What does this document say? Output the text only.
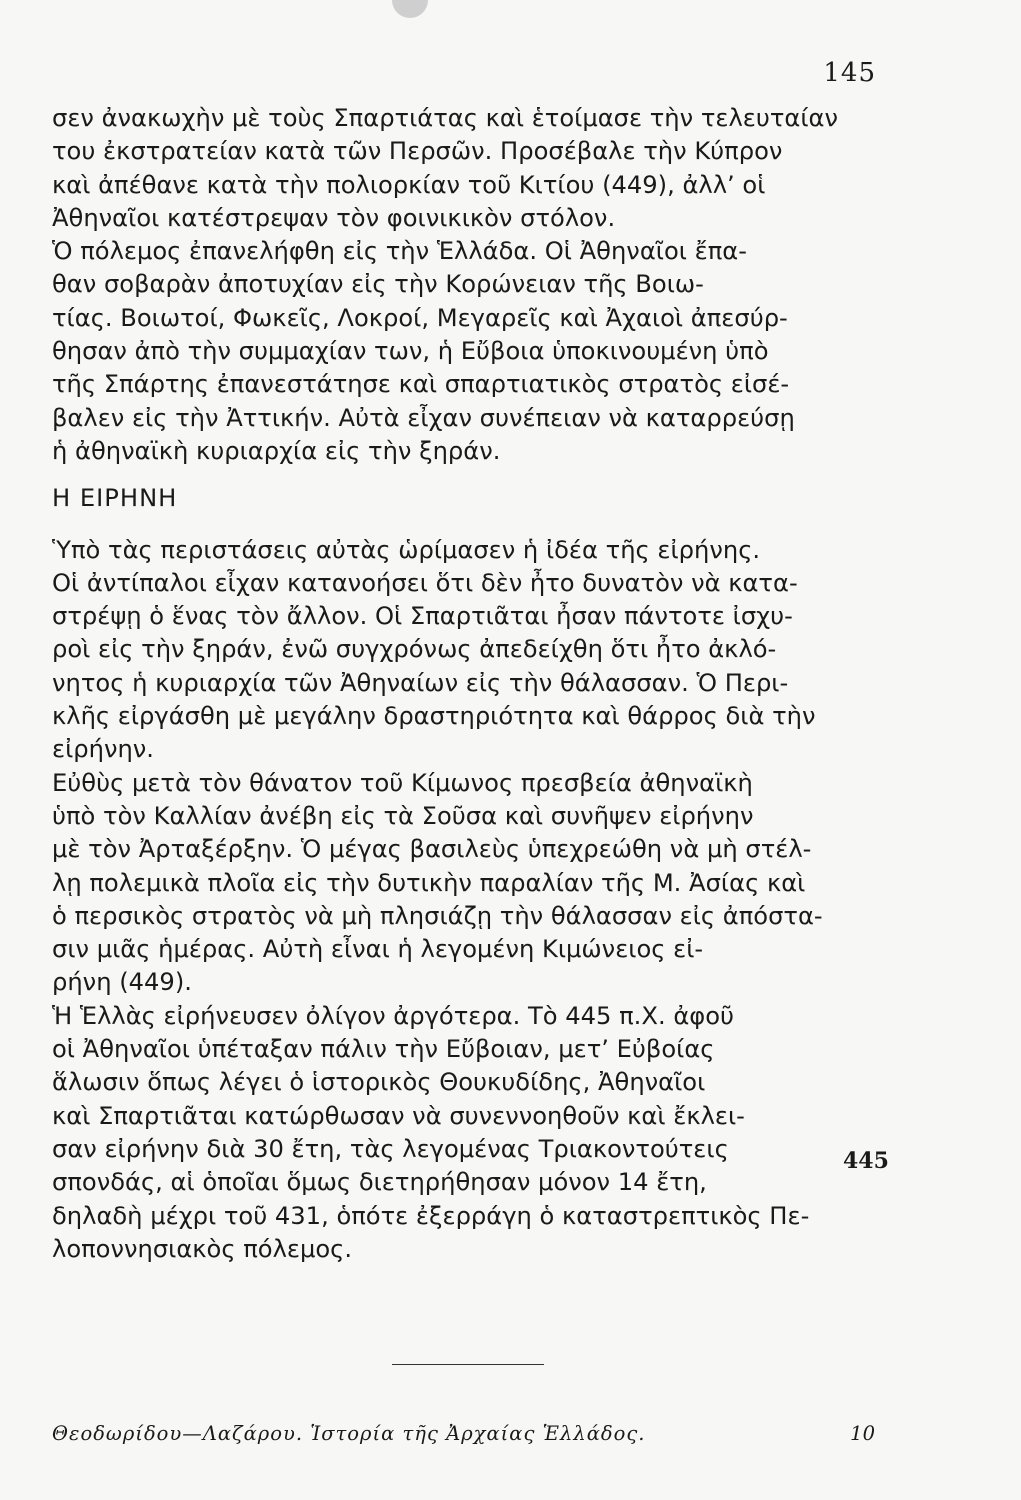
145
σεν ἀνακωχὴν μὲ τοὺς Σπαρτιάτας καὶ ἑτοίμασε τὴν τελευταίαν
του ἐκστρατείαν κατὰ τῶν Περσῶν. Προσέβαλε τὴν Κύπρον
καὶ ἀπέθανε κατὰ τὴν πολιορκίαν τοῦ Κιτίου (449), ἀλλ’ οἱ
Ἀθηναῖοι κατέστρεψαν τὸν φοινικικὸν στόλον.
Ὁ πόλεμος ἐπανελήφθη εἰς τὴν Ἑλλάδα. Οἱ Ἀθηναῖοι ἔπα-
θαν σοβαρὰν ἀποτυχίαν εἰς τὴν Κορώνειαν τῆς Βοιω-
τίας. Βοιωτοί, Φωκεῖς, Λοκροί, Μεγαρεῖς καὶ Ἀχαιοὶ ἀπεσύρ-
θησαν ἀπὸ τὴν συμμαχίαν των, ἡ Εὔβοια ὑποκινουμένη ὑπὸ
τῆς Σπάρτης ἐπανεστάτησε καὶ σπαρτιατικὸς στρατὸς εἰσέ-
βαλεν εἰς τὴν Ἀττικήν. Αὐτὰ εἶχαν συνέπειαν νὰ καταρρεύσῃ
ἡ ἀθηναϊκὴ κυριαρχία εἰς τὴν ξηράν.
Η ΕΙΡΗΝΗ
Ὑπὸ τὰς περιστάσεις αὐτὰς ὡρίμασεν ἡ ἰδέα τῆς εἰρήνης.
Οἱ ἀντίπαλοι εἶχαν κατανοήσει ὅτι δὲν ἦτο δυνατὸν νὰ κατα-
στρέψῃ ὁ ἕνας τὸν ἄλλον. Οἱ Σπαρτιᾶται ἦσαν πάντοτε ἰσχυ-
ροὶ εἰς τὴν ξηράν, ἐνῶ συγχρόνως ἀπεδείχθη ὅτι ἦτο ἀκλό-
νητος ἡ κυριαρχία τῶν Ἀθηναίων εἰς τὴν θάλασσαν. Ὁ Περι-
κλῆς εἰργάσθη μὲ μεγάλην δραστηριότητα καὶ θάρρος διὰ τὴν
εἰρήνην.
Εὐθὺς μετὰ τὸν θάνατον τοῦ Κίμωνος πρεσβεία ἀθηναϊκὴ
ὑπὸ τὸν Καλλίαν ἀνέβη εἰς τὰ Σοῦσα καὶ συνῆψεν εἰρήνην
μὲ τὸν Ἀρταξέρξην. Ὁ μέγας βασιλεὺς ὑπεχρεώθη νὰ μὴ στέλ-
λῃ πολεμικὰ πλοῖα εἰς τὴν δυτικὴν παραλίαν τῆς Μ. Ἀσίας καὶ
ὁ περσικὸς στρατὸς νὰ μὴ πλησιάζῃ τὴν θάλασσαν εἰς ἀπόστα-
σιν μιᾶς ἡμέρας. Αὐτὴ εἶναι ἡ λεγομένη Κιμώνειος εἰ-
ρήνη (449).
Ἡ Ἑλλὰς εἰρήνευσεν ὀλίγον ἀργότερα. Τὸ 445 π.Χ. ἀφοῦ
οἱ Ἀθηναῖοι ὑπέταξαν πάλιν τὴν Εὔβοιαν, μετ’ Εὐβοίας
ἅλωσιν ὅπως λέγει ὁ ἱστορικὸς Θουκυδίδης, Ἀθηναῖοι
καὶ Σπαρτιᾶται κατώρθωσαν νὰ συνεννοηθοῦν καὶ ἔκλει-
σαν εἰρήνην διὰ 30 ἔτη, τὰς λεγομένας Τριακοντούτεις
σπονδάς, αἱ ὁποῖαι ὅμως διετηρήθησαν μόνον 14 ἔτη,
δηλαδὴ μέχρι τοῦ 431, ὁπότε ἐξερράγη ὁ καταστρεπτικὸς Πε-
λοποννησιακὸς πόλεμος.
445
Θεοδωρίδου—Λαζάρου. Ἱστορία τῆς Ἀρχαίας Ἑλλάδος.	10
